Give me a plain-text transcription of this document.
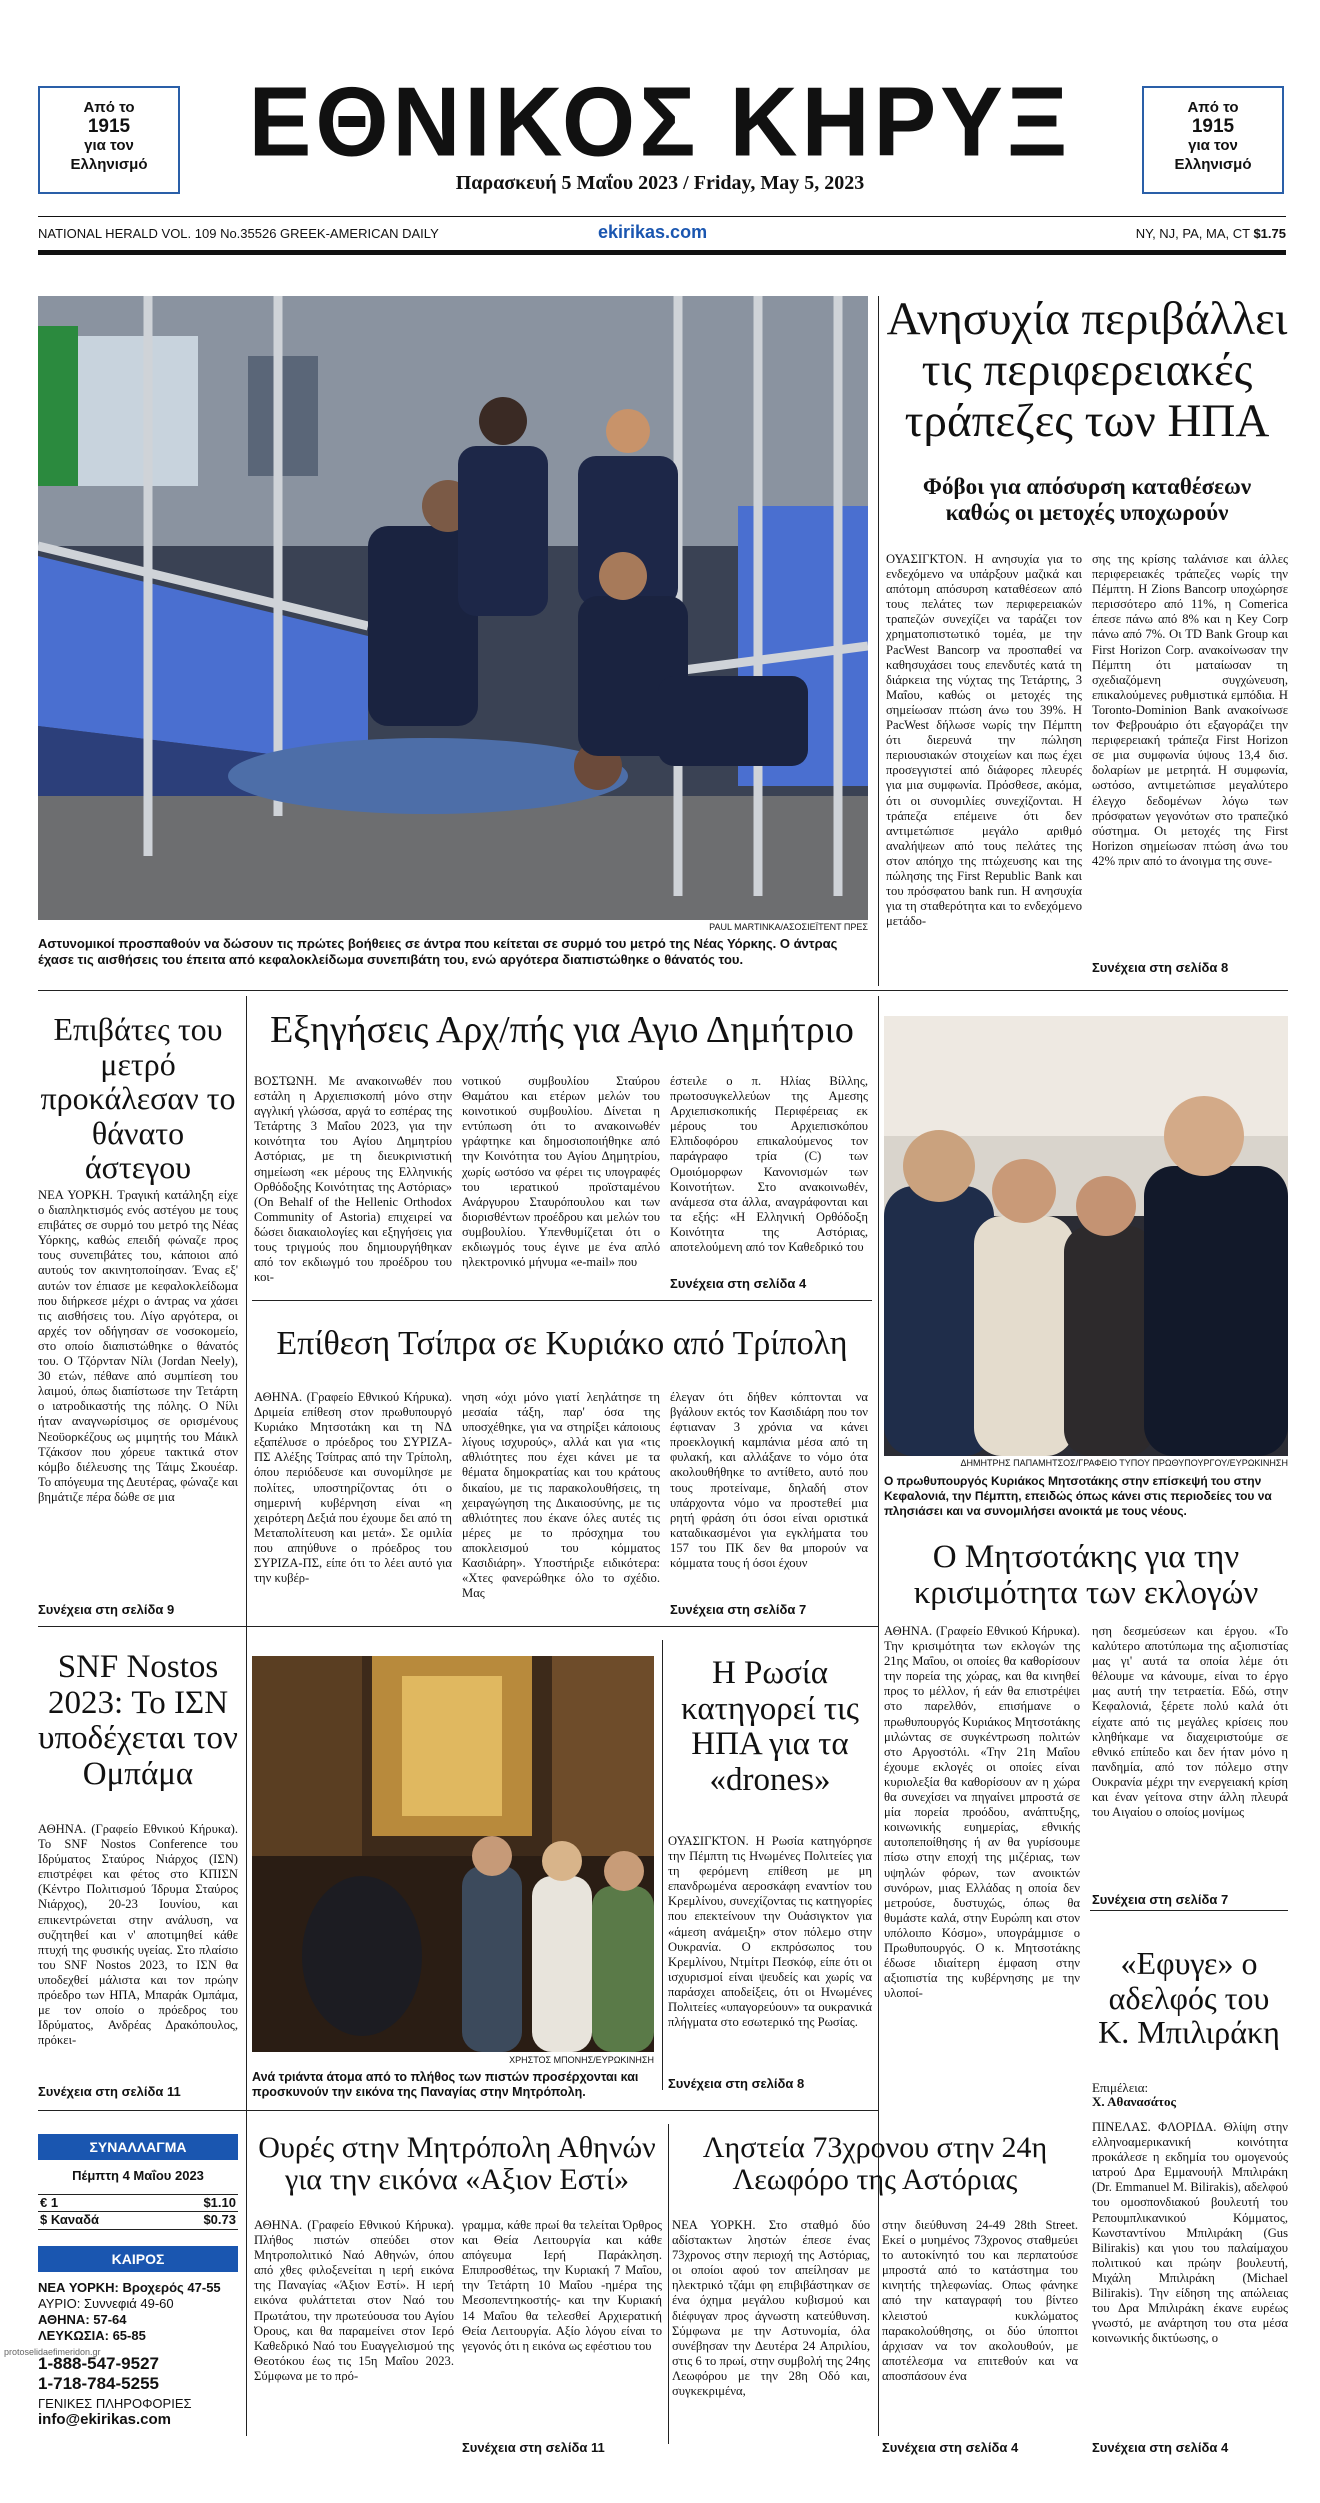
Από το
1915
για τον
Ελληνισμό	ΕΘΝΙΚΟΣ ΚΗΡΥΞ	Από το
1915
για τον
Ελληνισμό
Παρασκευή 5 Μαΐου 2023 / Friday, May 5, 2023
NATIONAL HERALD VOL. 109 No.35526 GREEK-AMERICAN DAILY	ekirikas.com	NY, NJ, PA, MA, CT $1.75
PAUL MARTINKA/ΑΣΟΣΙΕΪΤΕΝΤ ΠΡΕΣ
Αστυνομικοί προσπαθούν να δώσουν τις πρώτες βοήθειες σε άντρα που κείτεται σε συρμό του μετρό της Νέας Υόρκης. Ο άντρας έχασε τις αισθήσεις του έπειτα από κεφαλοκλείδωμα συνεπιβάτη του, ενώ αργότερα διαπιστώθηκε ο θάνατός του.
Ανησυχία περιβάλλει τις περιφερειακές τράπεζες των ΗΠΑ
Φόβοι για απόσυρση καταθέσεων καθώς οι μετοχές υποχωρούν
ΟΥΑΣΙΓΚΤΟΝ. Η ανησυχία για το ενδεχόμενο να υπάρξουν μαζικά και απότομη απόσυρση καταθέσεων από τους πελάτες των περιφερειακών τραπεζών συνεχίζει να ταράζει τον χρηματοπιστωτικό τομέα, με την PacWest Bancorp να προσπαθεί να καθησυχάσει τους επενδυτές κατά τη διάρκεια της νύχτας της Τετάρτης, 3 Μαΐου, καθώς οι μετοχές της σημείωσαν πτώση άνω του 39%. Η PacWest δήλωσε νωρίς την Πέμπτη ότι διερευνά την πώληση περιουσιακών στοιχείων και πως έχει προσεγγιστεί από διάφορες πλευρές για μια συμφωνία. Πρόσθεσε, ακόμα, ότι οι συνομιλίες συνεχίζονται. Η τράπεζα επέμεινε ότι δεν αντιμετώπισε μεγάλο αριθμό αναλήψεων από τους πελάτες της στον απόηχο της πτώχευσης και της πώλησης της First Republic Bank και του πρόσφατου bank run. Η ανησυχία για τη σταθερότητα και το ενδεχόμενο μετάδο-
σης της κρίσης ταλάνισε και άλλες περιφερειακές τράπεζες νωρίς την Πέμπτη. Η Zions Bancorp υποχώρησε περισσότερο από 11%, η Comerica έπεσε πάνω από 8% και η Key Corp πάνω από 7%. Οι TD Bank Group και First Horizon Corp. ανακοίνωσαν την Πέμπτη ότι ματαίωσαν τη σχεδιαζόμενη συγχώνευση, επικαλούμενες ρυθμιστικά εμπόδια. Η Toronto-Dominion Bank ανακοίνωσε τον Φεβρουάριο ότι εξαγοράζει την περιφερειακή τράπεζα First Horizon σε μια συμφωνία ύψους 13,4 δισ. δολαρίων με μετρητά. Η συμφωνία, ωστόσο, αντιμετώπισε μεγαλύτερο έλεγχο δεδομένων λόγω των πρόσφατων γεγονότων στο τραπεζικό σύστημα. Οι μετοχές της First Horizon σημείωσαν πτώση άνω του 42% πριν από το άνοιγμα της συνε-
Συνέχεια στη σελίδα 8
Επιβάτες του μετρό προκάλεσαν το θάνατο άστεγου
ΝΕΑ ΥΟΡΚΗ. Τραγική κατάληξη είχε ο διαπληκτισμός ενός αστέγου με τους επιβάτες σε συρμό του μετρό της Νέας Υόρκης, καθώς επειδή φώναζε προς τους συνεπιβάτες του, κάποιοι από αυτούς τον ακινητοποίησαν. Ένας εξ' αυτών τον έπιασε με κεφαλοκλείδωμα που διήρκεσε μέχρι ο άντρας να χάσει τις αισθήσεις του. Λίγο αργότερα, οι αρχές τον οδήγησαν σε νοσοκομείο, στο οποίο διαπιστώθηκε ο θάνατός του. Ο Τζόρνταν Νίλι (Jordan Neely), 30 ετών, πέθανε από συμπίεση του λαιμού, όπως διαπίστωσε την Τετάρτη ο ιατροδικαστής της πόλης. Ο Νίλι ήταν αναγνωρίσιμος σε ορισμένους Νεοϋορκέζους ως μιμητής του Μάικλ Τζάκσον που χόρευε τακτικά στον κόμβο διέλευσης της Τάιμς Σκουέαρ. Το απόγευμα της Δευτέρας, φώναζε και βημάτιζε πέρα δώθε σε μια
Συνέχεια στη σελίδα 9
Εξηγήσεις Αρχ/πής για Αγιο Δημήτριο
ΒΟΣΤΩΝΗ. Με ανακοινωθέν που εστάλη η Αρχιεπισκοπή μόνο στην αγγλική γλώσσα, αργά το εσπέρας της Τετάρτης 3 Μαΐου 2023, για την κοινότητα του Αγίου Δημητρίου Αστόριας, με τη διευκρινιστική σημείωση «εκ μέρους της Ελληνικής Ορθόδοξης Κοινότητας της Αστόριας» (On Behalf of the Hellenic Orthodox Community of Astoria) επιχειρεί να δώσει διακαιολογίες και εξηγήσεις για τους τριγμούς που δημιουργήθηκαν από τον εκδιωγμό του προέδρου του κοι-
νοτικού συμβουλίου Σταύρου Θαμάτου και ετέρων μελών του κοινοτικού συμβουλίου. Δίνεται η εντύπωση ότι το ανακοινωθέν γράφτηκε και δημοσιοποιήθηκε από την Κοινότητα του Αγίου Δημητρίου, χωρίς ωστόσο να φέρει τις υπογραφές του ιερατικού προϊσταμένου Ανάργυρου Σταυρόπουλου και των διορισθέντων προέδρου και μελών του συμβουλίου. Υπενθυμίζεται ότι ο εκδιωγμός τους έγινε με ένα απλό ηλεκτρονικό μήνυμα «e-mail» που
έστειλε ο π. Ηλίας Βίλλης, πρωτοσυγκελλεύων της Αμεσης Αρχιεπισκοπικής Περιφέρειας εκ μέρους του Αρχιεπισκόπου Ελπιδοφόρου επικαλούμενος τον παράγραφο τρία (C) των Ομοιόμορφων Κανονισμών των Κοινοτήτων. Στο ανακοινωθέν, ανάμεσα στα άλλα, αναγράφονται και τα εξής: «Η Ελληνική Ορθόδοξη Κοινότητα της Αστόριας, αποτελούμενη από τον Καθεδρικό του
Συνέχεια στη σελίδα 4
Επίθεση Τσίπρα σε Κυριάκο από Τρίπολη
ΑΘΗΝΑ. (Γραφείο Εθνικού Κήρυκα). Δριμεία επίθεση στον πρωθυπουργό Κυριάκο Μητσοτάκη και τη ΝΔ εξαπέλυσε ο πρόεδρος του ΣΥΡΙΖΑ-ΠΣ Αλέξης Τσίπρας από την Τρίπολη, όπου περιόδευσε και συνομίλησε με πολίτες, υποστηρίζοντας ότι ο σημερινή κυβέρνηση είναι «η χειρότερη Δεξιά που έχουμε δει από τη Μεταπολίτευση και μετά». Σε ομιλία που απηύθυνε ο πρόεδρος του ΣΥΡΙΖΑ-ΠΣ, είπε ότι το λέει αυτό για την κυβέρ-
νηση «όχι μόνο γιατί λεηλάτησε τη μεσαία τάξη, παρ' όσα της υποσχέθηκε, για να στηρίξει κάποιους λίγους ισχυρούς», αλλά και για «τις αθλιότητες που έχει κάνει με τα θέματα δημοκρατίας και του κράτους δικαίου, με τις παρακολουθήσεις, τη χειραγώγηση της Δικαιοσύνης, με τις αθλιότητες που έκανε όλες αυτές τις μέρες με το πρόσχημα του αποκλεισμού του κόμματος Κασιδιάρη». Υποστήριξε ειδικότερα: «Χτες φανερώθηκε όλο το σχέδιο. Μας
έλεγαν ότι δήθεν κόπτονται να βγάλουν εκτός τον Κασιδιάρη που τον έφτιαναν 3 χρόνια να κάνει προεκλογική καμπάνια μέσα από τη φυλακή, και αλλάξανε το νόμο ότα ακολουθήθηκε το αντίθετο, αυτό που τους προτείναμε, δηλαδή στον υπάρχοντα νόμο να προστεθεί μια ρητή φράση ότι όσοι είναι οριστικά καταδικασμένοι για εγκλήματα του 157 του ΠΚ δεν θα μπορούν να κόμματα τους ή όσοι έχουν
Συνέχεια στη σελίδα 7
ΔΗΜΗΤΡΗΣ ΠΑΠΑΜΗΤΣΟΣ/ΓΡΑΦΕΙΟ ΤΥΠΟΥ ΠΡΩΘΥΠΟΥΡΓΟΥ/ΕΥΡΩΚΙΝΗΣΗ
Ο πρωθυπουργός Κυριάκος Μητσοτάκης στην επίσκεψή του στην Κεφαλονιά, την Πέμπτη, επειδώς όπως κάνει στις περιοδείες του να πλησιάσει και να συνομιλήσει ανοικτά με τους νέους.
Ο Μητσοτάκης για την κρισιμότητα των εκλογών
ΑΘΗΝΑ. (Γραφείο Εθνικού Κήρυκα). Την κρισιμότητα των εκλογών της 21ης Μαΐου, οι οποίες θα καθορίσουν την πορεία της χώρας, και θα κινηθεί προς το μέλλον, ή εάν θα επιστρέψει στο παρελθόν, επισήμανε ο πρωθυπουργός Κυριάκος Μητσοτάκης μιλώντας σε συγκέντρωση πολιτών στο Αργοστόλι. «Την 21η Μαΐου έχουμε εκλογές οι οποίες είναι κυριολεξία θα καθορίσουν αν η χώρα θα συνεχίσει να πηγαίνει μπροστά σε μία πορεία προόδου, ανάπτυξης, κοινωνικής ευημερίας, εθνικής αυτοπεποίθησης ή αν θα γυρίσουμε πίσω στην εποχή της μιζέριας, των υψηλών φόρων, των ανοικτών συνόρων, μιας Ελλάδας η οποία δεν μετρούσε, δυστυχώς, όπως θα θυμάστε καλά, στην Ευρώπη και στον υπόλοιπο Κόσμο», υπογράμμισε ο Πρωθυπουργός. Ο κ. Μητσοτάκης έδωσε ιδιαίτερη έμφαση στην αξιοπιστία της κυβέρνησης με την υλοποί-
ηση δεσμεύσεων και έργου. «Το καλύτερο αποτύπωμα της αξιοπιστίας μας γι' αυτά τα οποία λέμε ότι θέλουμε να κάνουμε, είναι το έργο μας αυτή την τετραετία. Εδώ, στην Κεφαλονιά, ξέρετε πολύ καλά ότι είχατε από τις μεγάλες κρίσεις που κληθήκαμε να διαχειριστούμε σε εθνικό επίπεδο και δεν ήταν μόνο η πανδημία, από τον πόλεμο στην Ουκρανία μέχρι την ενεργειακή κρίση και έναν γείτονα στην άλλη πλευρά του Αιγαίου ο οποίος μονίμως
Συνέχεια στη σελίδα 7
SNF Nostos 2023: Το ΙΣΝ υποδέχεται τον Ομπάμα
ΑΘΗΝΑ. (Γραφείο Εθνικού Κήρυκα). Το SNF Nostos Conference του Ιδρύματος Σταύρος Νιάρχος (ΙΣΝ) επιστρέφει και φέτος στο ΚΠΙΣΝ (Κέντρο Πολιτισμού Ίδρυμα Σταύρος Νιάρχος), 20-23 Ιουνίου, και επικεντρώνεται στην ανάλυση, να συζητηθεί και ν' αποτιμηθεί κάθε πτυχή της φυσικής υγείας. Στο πλαίσιο του SNF Nostos 2023, το ΙΣΝ θα υποδεχθεί μάλιστα και τον πρώην πρόεδρο των ΗΠΑ, Μπαράκ Ομπάμα, με τον οποίο ο πρόεδρος του Ιδρύματος, Ανδρέας Δρακόπουλος, πρόκει-
Συνέχεια στη σελίδα 11
ΧΡΗΣΤΟΣ ΜΠΟΝΗΣ/ΕΥΡΩΚΙΝΗΣΗ
Ανά τριάντα άτομα από το πλήθος των πιστών προσέρχονται και προσκυνούν την εικόνα της Παναγίας στην Μητρόπολη.
Η Ρωσία κατηγορεί τις ΗΠΑ για τα «drones»
ΟΥΑΣΙΓΚΤΟΝ. Η Ρωσία κατηγόρησε την Πέμπτη τις Ηνωμένες Πολιτείες για τη φερόμενη επίθεση με μη επανδρωμένα αεροσκάφη εναντίον του Κρεμλίνου, συνεχίζοντας τις κατηγορίες που επεκτείνουν την Ουάσιγκτον για «άμεση ανάμειξη» στον πόλεμο στην Ουκρανία. Ο εκπρόσωπος του Κρεμλίνου, Ντμίτρι Πεσκόφ, είπε ότι οι ισχυρισμοί είναι ψευδείς και χωρίς να παράσχει αποδείξεις, ότι οι Ηνωμένες Πολιτείες «υπαγορεύουν» τα ουκρανικά πλήγματα στο εσωτερικό της Ρωσίας.
Συνέχεια στη σελίδα 8
«Εφυγε» ο αδελφός του Κ. Μπιλιράκη
Επιμέλεια:
Χ. Αθανασάτος
ΠΙΝΕΛΑΣ. ΦΛΟΡΙΔΑ. Θλίψη στην ελληνοαμερικανική κοινότητα προκάλεσε η εκδημία του ομογενούς ιατρού Δρα Εμμανουήλ Μπιλιράκη (Dr. Emmanuel M. Bilirakis), αδελφού του ομοσπονδιακού βουλευτή του Ρεπουμπλικανικού Κόμματος, Κωνσταντίνου Μπιλιράκη (Gus Bilirakis) και γιου του παλαίμαχου πολιτικού και πρώην βουλευτή, Μιχάλη Μπιλιράκη (Michael Bilirakis). Την είδηση της απώλειας του Δρα Μπιλιράκη έκανε ευρέως γνωστό, με ανάρτηση του στα μέσα κοινωνικής δικτύωσης, ο
Συνέχεια στη σελίδα 4
ΣΥΝΑΛΛΑΓΜΑ
Πέμπτη 4 Μαΐου 2023
€ 1	$1.10
$ Καναδά	$0.73
ΚΑΙΡΟΣ
ΝΕΑ ΥΟΡΚΗ: Βροχερός 47-55
ΑΥΡΙΟ: Συννεφιά 49-60
ΑΘΗΝΑ: 57-64
ΛΕΥΚΩΣΙΑ: 65-85
protoselidaefimeridon.gr
1-888-547-9527
1-718-784-5255
ΓΕΝΙΚΕΣ ΠΛΗΡΟΦΟΡΙΕΣ
info@ekirikas.com
Ουρές στην Μητρόπολη Αθηνών για την εικόνα «Αξιον Εστί»
ΑΘΗΝΑ. (Γραφείο Εθνικού Κήρυκα). Πλήθος πιστών σπεύδει στον Μητροπολιτικό Ναό Αθηνών, όπου από χθες φιλοξενείται η ιερή εικόνα της Παναγίας «Άξιον Εστί». Η ιερή εικόνα φυλάττεται στον Ναό του Πρωτάτου, την πρωτεύουσα του Αγίου Όρους, και θα παραμείνει στον Ιερό Καθεδρικό Ναό του Ευαγγελισμού της Θεοτόκου έως τις 15η Μαΐου 2023. Σύμφωνα με το πρό-
γραμμα, κάθε πρωί θα τελείται Όρθρος και Θεία Λειτουργία και κάθε απόγευμα Ιερή Παράκληση. Επιπροσθέτως, την Κυριακή 7 Μαΐου, την Τετάρτη 10 Μαΐου -ημέρα της Μεσοπεντηκοστής- και την Κυριακή 14 Μαΐου θα τελεσθεί Αρχιερατική Θεία Λειτουργία. Αξίο λόγου είναι το γεγονός ότι η εικόνα ως εφέστιου του
Συνέχεια στη σελίδα 11
Ληστεία 73χρονου στην 24η Λεωφόρο της Αστόριας
ΝΕΑ ΥΟΡΚΗ. Στο σταθμό δύο αδίστακτων ληστών έπεσε ένας 73χρονος στην περιοχή της Αστόριας, οι οποίοι αφού τον απείλησαν με ηλεκτρικό τζάμι φη επιβιβάστηκαν σε ένα όχημα μεγάλου κυβισμού και διέφυγαν προς άγνωστη κατεύθυνση. Σύμφωνα με την Αστυνομία, όλα συνέβησαν την Δευτέρα 24 Απριλίου, στις 6 το πρωί, στην συμβολή της 24ης Λεωφόρου με την 28η Οδό και, συγκεκριμένα,
στην διεύθυνση 24-49 28th Street. Εκεί ο μυημένος 73χρονος σταθμεύει το αυτοκίνητό του και περπατούσε μπροστά από το κατάστημα του κινητής τηλεφωνίας. Οπως φάνηκε από την καταγραφή του βίντεο κλειστού κυκλώματος παρακολούθησης, οι δύο ύποπτοι άρχισαν να τον ακολουθούν, με αποτέλεσμα να επιτεθούν και να αποσπάσουν ένα
Συνέχεια στη σελίδα 4
